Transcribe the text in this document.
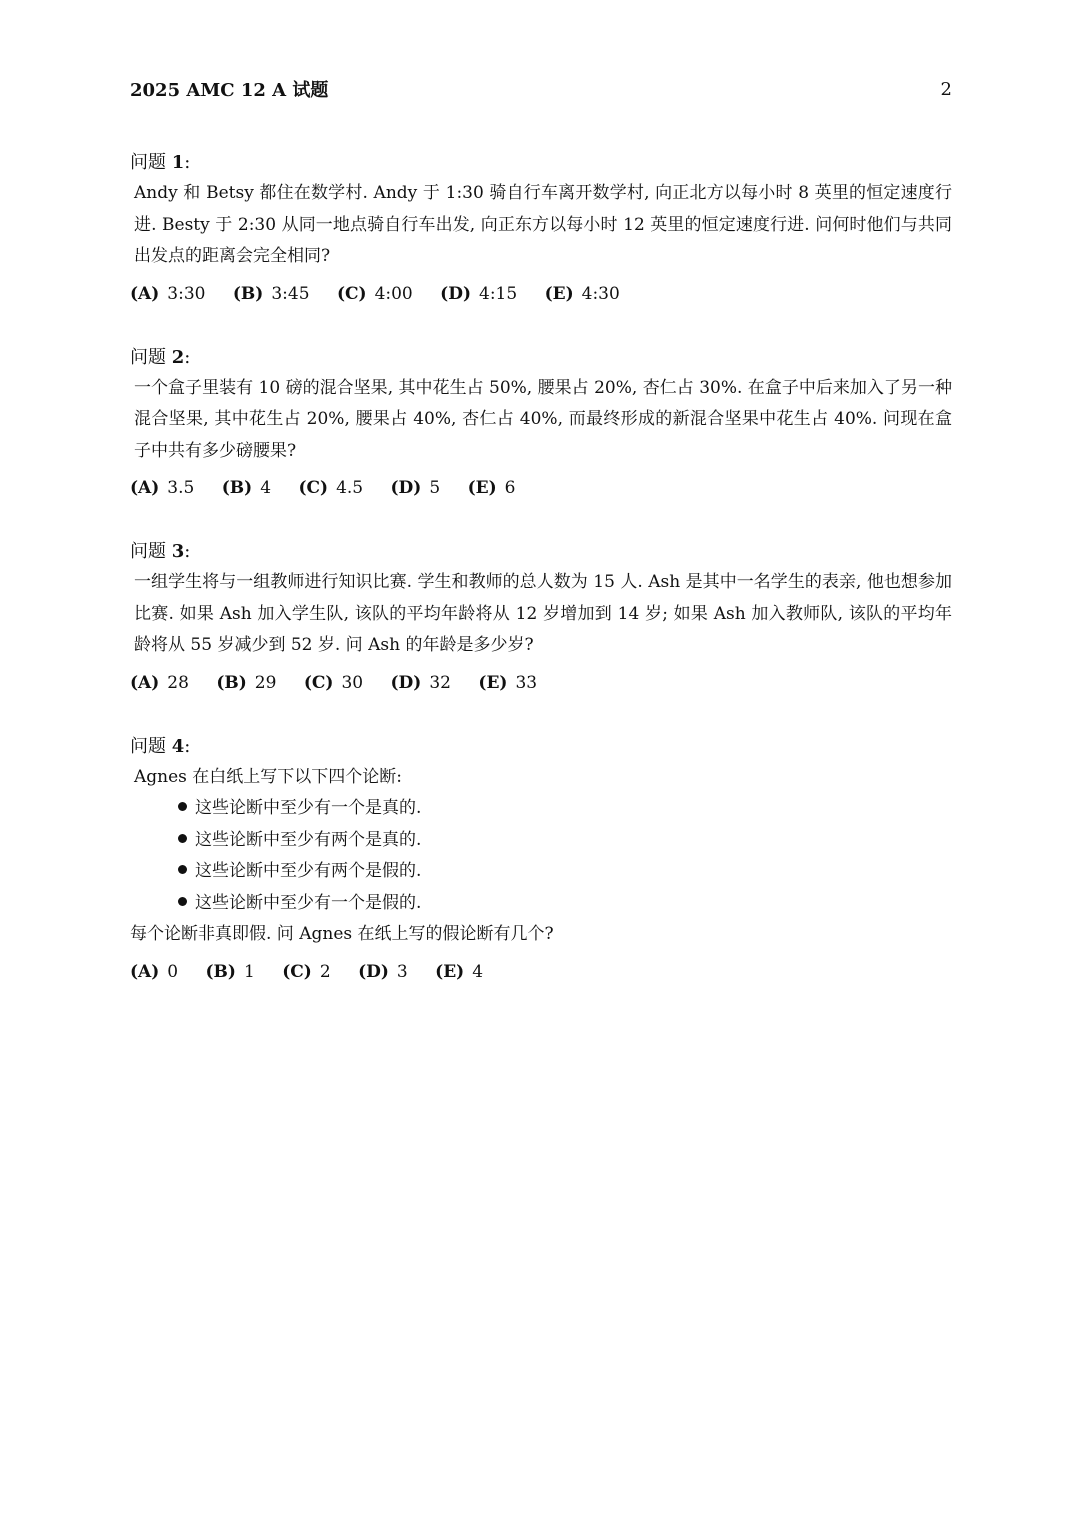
2025 AMC 12 A 试题	2
问题 1:
Andy 和 Betsy 都住在数学村. Andy 于 1:30 骑自行车离开数学村, 向正北方以每小时 8 英里的恒定速度行进. Besty 于 2:30 从同一地点骑自行车出发, 向正东方以每小时 12 英里的恒定速度行进. 问何时他们与共同出发点的距离会完全相同?
(A) 3:30 (B) 3:45 (C) 4:00 (D) 4:15 (E) 4:30
问题 2:
一个盒子里装有 10 磅的混合坚果, 其中花生占 50%, 腰果占 20%, 杏仁占 30%. 在盒子中后来加入了另一种混合坚果, 其中花生占 20%, 腰果占 40%, 杏仁占 40%, 而最终形成的新混合坚果中花生占 40%. 问现在盒子中共有多少磅腰果?
(A) 3.5 (B) 4 (C) 4.5 (D) 5 (E) 6
问题 3:
一组学生将与一组教师进行知识比赛. 学生和教师的总人数为 15 人. Ash 是其中一名学生的表亲, 他也想参加比赛. 如果 Ash 加入学生队, 该队的平均年龄将从 12 岁增加到 14 岁; 如果 Ash 加入教师队, 该队的平均年龄将从 55 岁减少到 52 岁. 问 Ash 的年龄是多少岁?
(A) 28 (B) 29 (C) 30 (D) 32 (E) 33
问题 4:
Agnes 在白纸上写下以下四个论断:
这些论断中至少有一个是真的.
这些论断中至少有两个是真的.
这些论断中至少有两个是假的.
这些论断中至少有一个是假的.
每个论断非真即假. 问 Agnes 在纸上写的假论断有几个?
(A) 0 (B) 1 (C) 2 (D) 3 (E) 4
